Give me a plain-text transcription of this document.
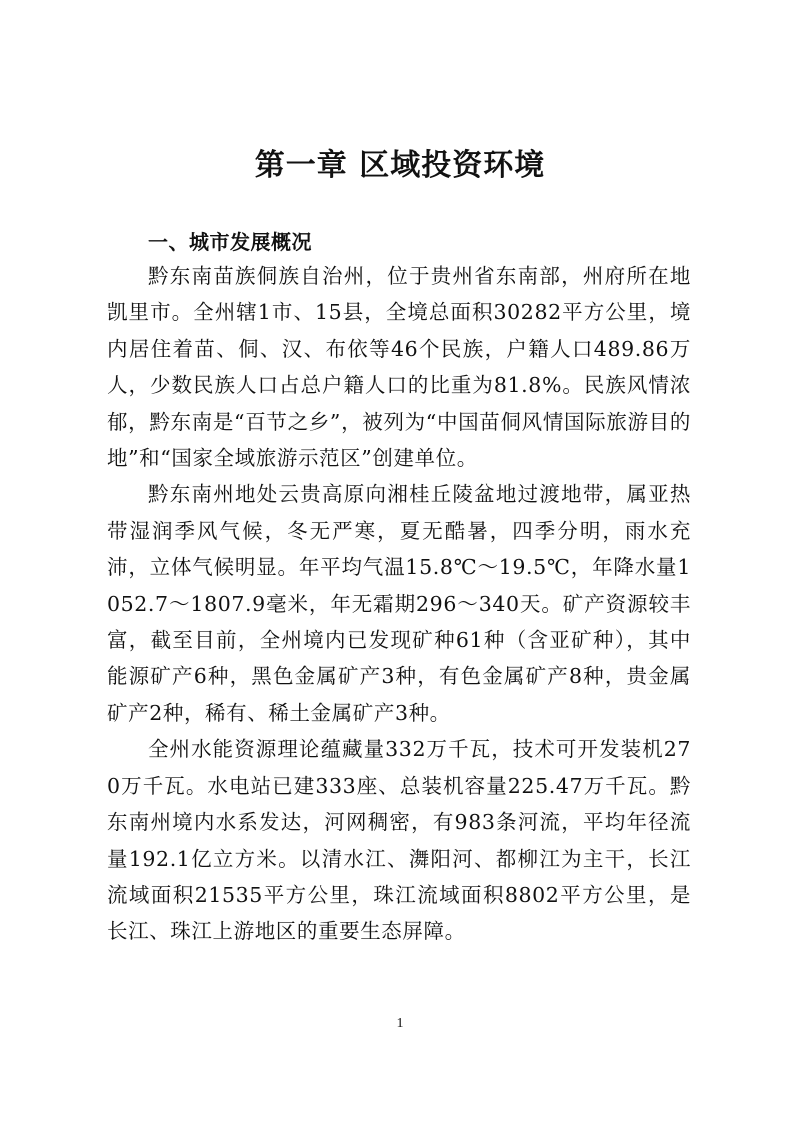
第一章 区域投资环境
一、城市发展概况

黔东南苗族侗族自治州，位于贵州省东南部，州府所在地凯里市。全州辖1市、15县，全境总面积30282平方公里，境内居住着苗、侗、汉、布依等46个民族，户籍人口489.86万人，少数民族人口占总户籍人口的比重为81.8%。民族风情浓郁，黔东南是“百节之乡”，被列为“中国苗侗风情国际旅游目的地”和“国家全域旅游示范区”创建单位。

黔东南州地处云贵高原向湘桂丘陵盆地过渡地带，属亚热带湿润季风气候，冬无严寒，夏无酷暑，四季分明，雨水充沛，立体气候明显。年平均气温15.8℃～19.5℃，年降水量1052.7～1807.9毫米，年无霜期296～340天。矿产资源较丰富，截至目前，全州境内已发现矿种61种（含亚矿种），其中能源矿产6种，黑色金属矿产3种，有色金属矿产8种，贵金属矿产2种，稀有、稀土金属矿产3种。

全州水能资源理论蕴藏量332万千瓦，技术可开发装机270万千瓦。水电站已建333座、总装机容量225.47万千瓦。黔东南州境内水系发达，河网稠密，有983条河流，平均年径流量192.1亿立方米。以清水江、㵲阳河、都柳江为主干，长江流域面积21535平方公里，珠江流域面积8802平方公里，是长江、珠江上游地区的重要生态屏障。

1
